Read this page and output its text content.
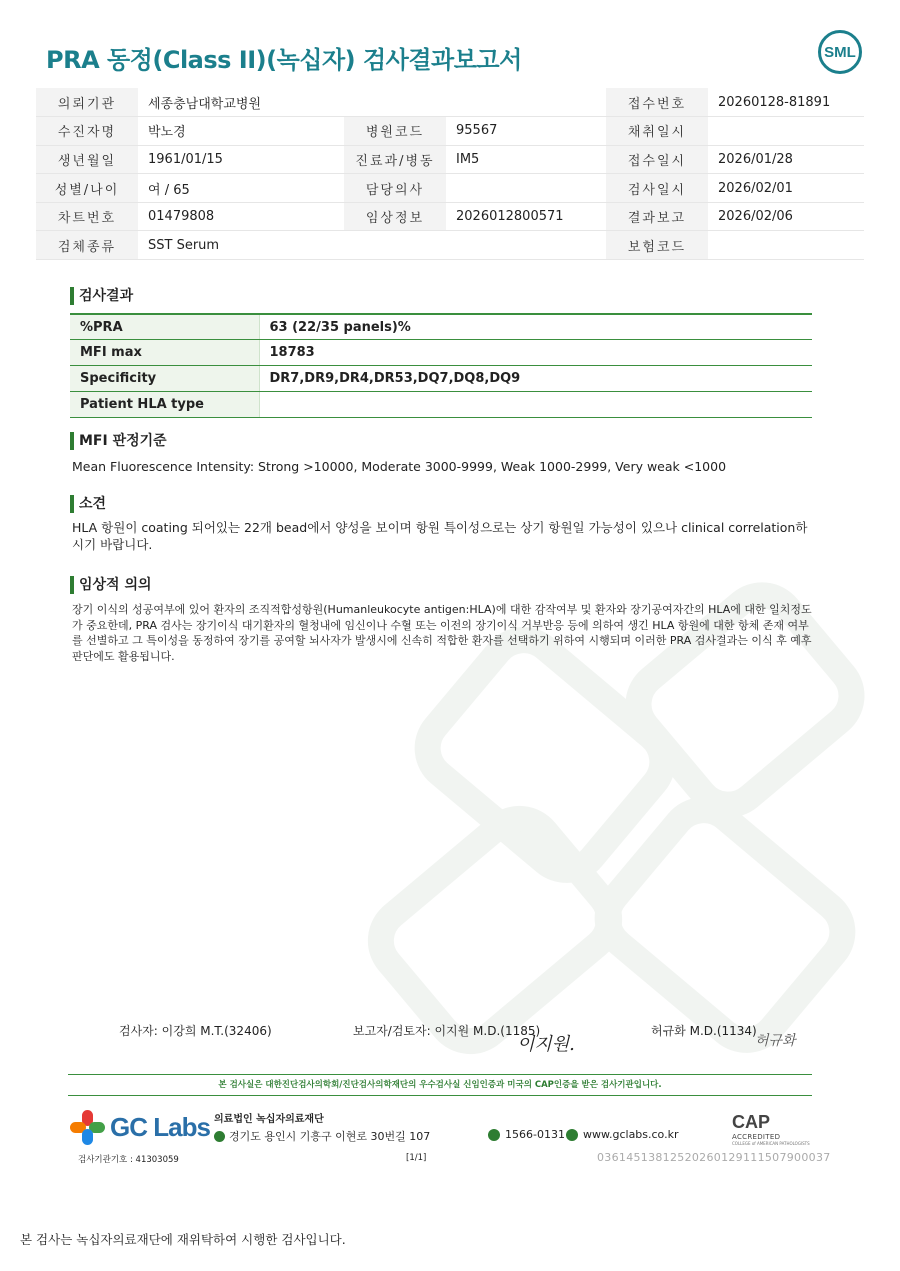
PRA 동정(Class II)(녹십자) 검사결과보고서	SML
의뢰기관	세종충남대학교병원			접수번호	20260128-81891
수진자명	박노경	병원코드	95567	채취일시	
생년월일	1961/01/15	진료과/병동	IM5	접수일시	2026/01/28
성별/나이	여 / 65	담당의사		검사일시	2026/02/01
차트번호	01479808	임상정보	2026012800571	결과보고	2026/02/06
검체종류	SST Serum			보험코드	
검사결과
%PRA	63 (22/35 panels)%
MFI max	18783
Specificity	DR7,DR9,DR4,DR53,DQ7,DQ8,DQ9
Patient HLA type	
MFI 판정기준
Mean Fluorescence Intensity: Strong >10000, Moderate 3000-9999, Weak 1000-2999, Very weak <1000
소견
HLA 항원이 coating 되어있는 22개 bead에서 양성을 보이며 항원 특이성으로는 상기 항원일 가능성이 있으나 clinical correlation하시기 바랍니다.
임상적 의의
장기 이식의 성공여부에 있어 환자의 조직적합성항원(Humanleukocyte antigen:HLA)에 대한 감작여부 및 환자와 장기공여자간의 HLA에 대한 일치정도가 중요한데, PRA 검사는 장기이식 대기환자의 혈청내에 임신이나 수혈 또는 이전의 장기이식 거부반응 등에 의하여 생긴 HLA 항원에 대한 항체 존재 여부를 선별하고 그 특이성을 동정하여 장기를 공여할 뇌사자가 발생시에 신속히 적합한 환자를 선택하기 위하여 시행되며 이러한 PRA 검사결과는 이식 후 예후 판단에도 활용됩니다.
검사자: 이강희 M.T.(32406)	보고자/검토자: 이지원 M.D.(1185)
이지원.
허규화 M.D.(1134)
허규화
본 검사실은 대한진단검사의학회/진단검사의학재단의 우수검사실 신임인증과 미국의 CAP인증을 받은 검사기관입니다.
GC Labs 의료법인 녹십자의료재단
경기도 용인시 기흥구 이현로 30번길 107	1566-0131 www.gclabs.co.kr
CAP
ACCREDITED
COLLEGE of AMERICAN PATHOLOGISTS
검사기관기호 : 41303059	[1/1]	03614513812520260129111507900037
본 검사는 녹십자의료재단에 재위탁하여 시행한 검사입니다.
